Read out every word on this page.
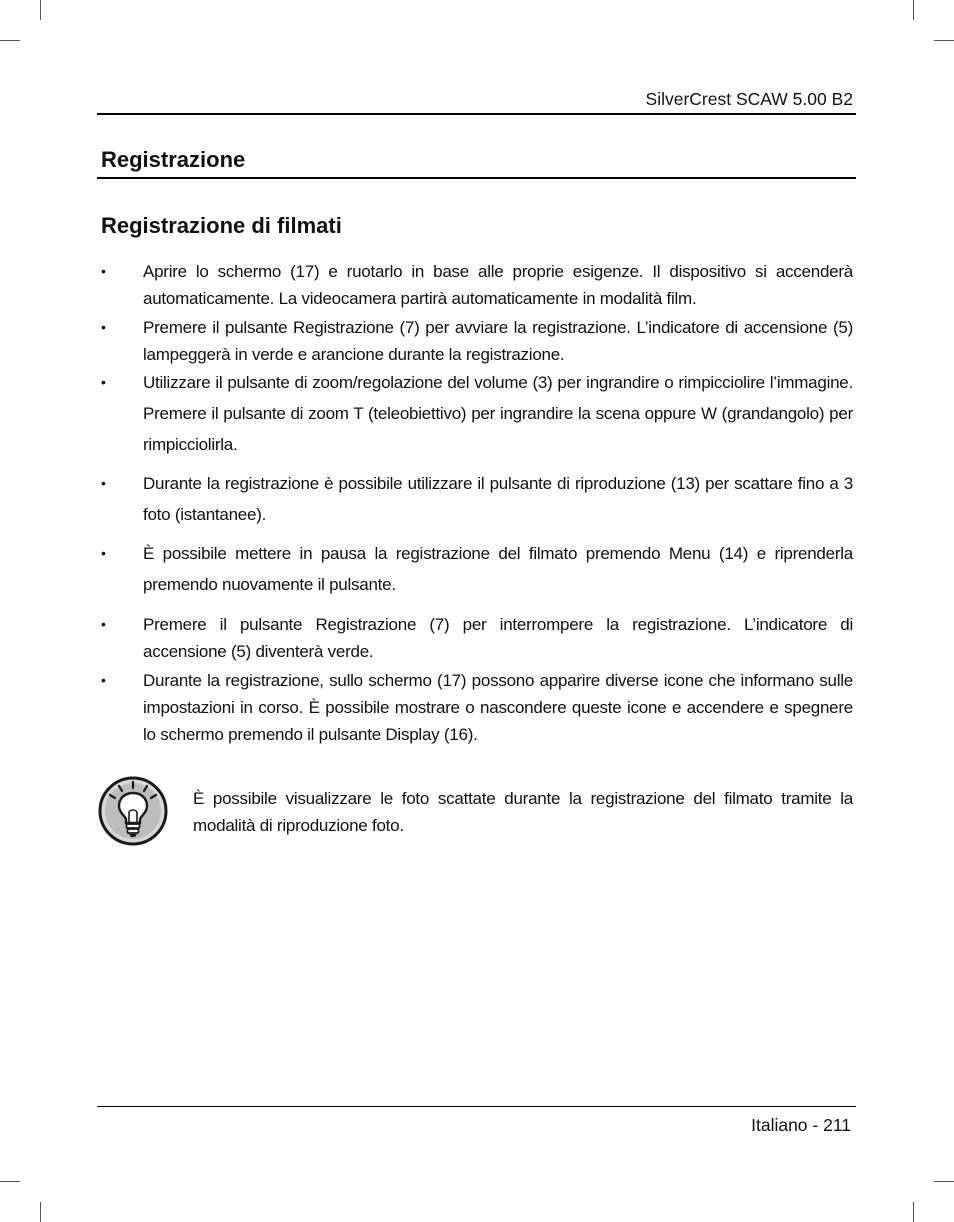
SilverCrest SCAW 5.00 B2
Registrazione
Registrazione di filmati
•	Aprire lo schermo (17) e ruotarlo in base alle proprie esigenze. Il dispositivo si accenderà automaticamente. La videocamera partirà automaticamente in modalità film.
•	Premere il pulsante Registrazione (7) per avviare la registrazione. L’indicatore di accensione (5) lampeggerà in verde e arancione durante la registrazione.
•	Utilizzare il pulsante di zoom/regolazione del volume (3) per ingrandire o rimpicciolire l’immagine. Premere il pulsante di zoom T (teleobiettivo) per ingrandire la scena oppure W (grandangolo) per rimpicciolirla.
•	Durante la registrazione è possibile utilizzare il pulsante di riproduzione (13) per scattare fino a 3 foto (istantanee).
•	È possibile mettere in pausa la registrazione del filmato premendo Menu (14) e riprenderla premendo nuovamente il pulsante.
•	Premere il pulsante Registrazione (7) per interrompere la registrazione. L’indicatore di accensione (5) diventerà verde.
•	Durante la registrazione, sullo schermo (17) possono apparire diverse icone che informano sulle impostazioni in corso. È possibile mostrare o nascondere queste icone e accendere e spegnere lo schermo premendo il pulsante Display (16).
È possibile visualizzare le foto scattate durante la registrazione del filmato tramite la modalità di riproduzione foto.
Italiano - 211
